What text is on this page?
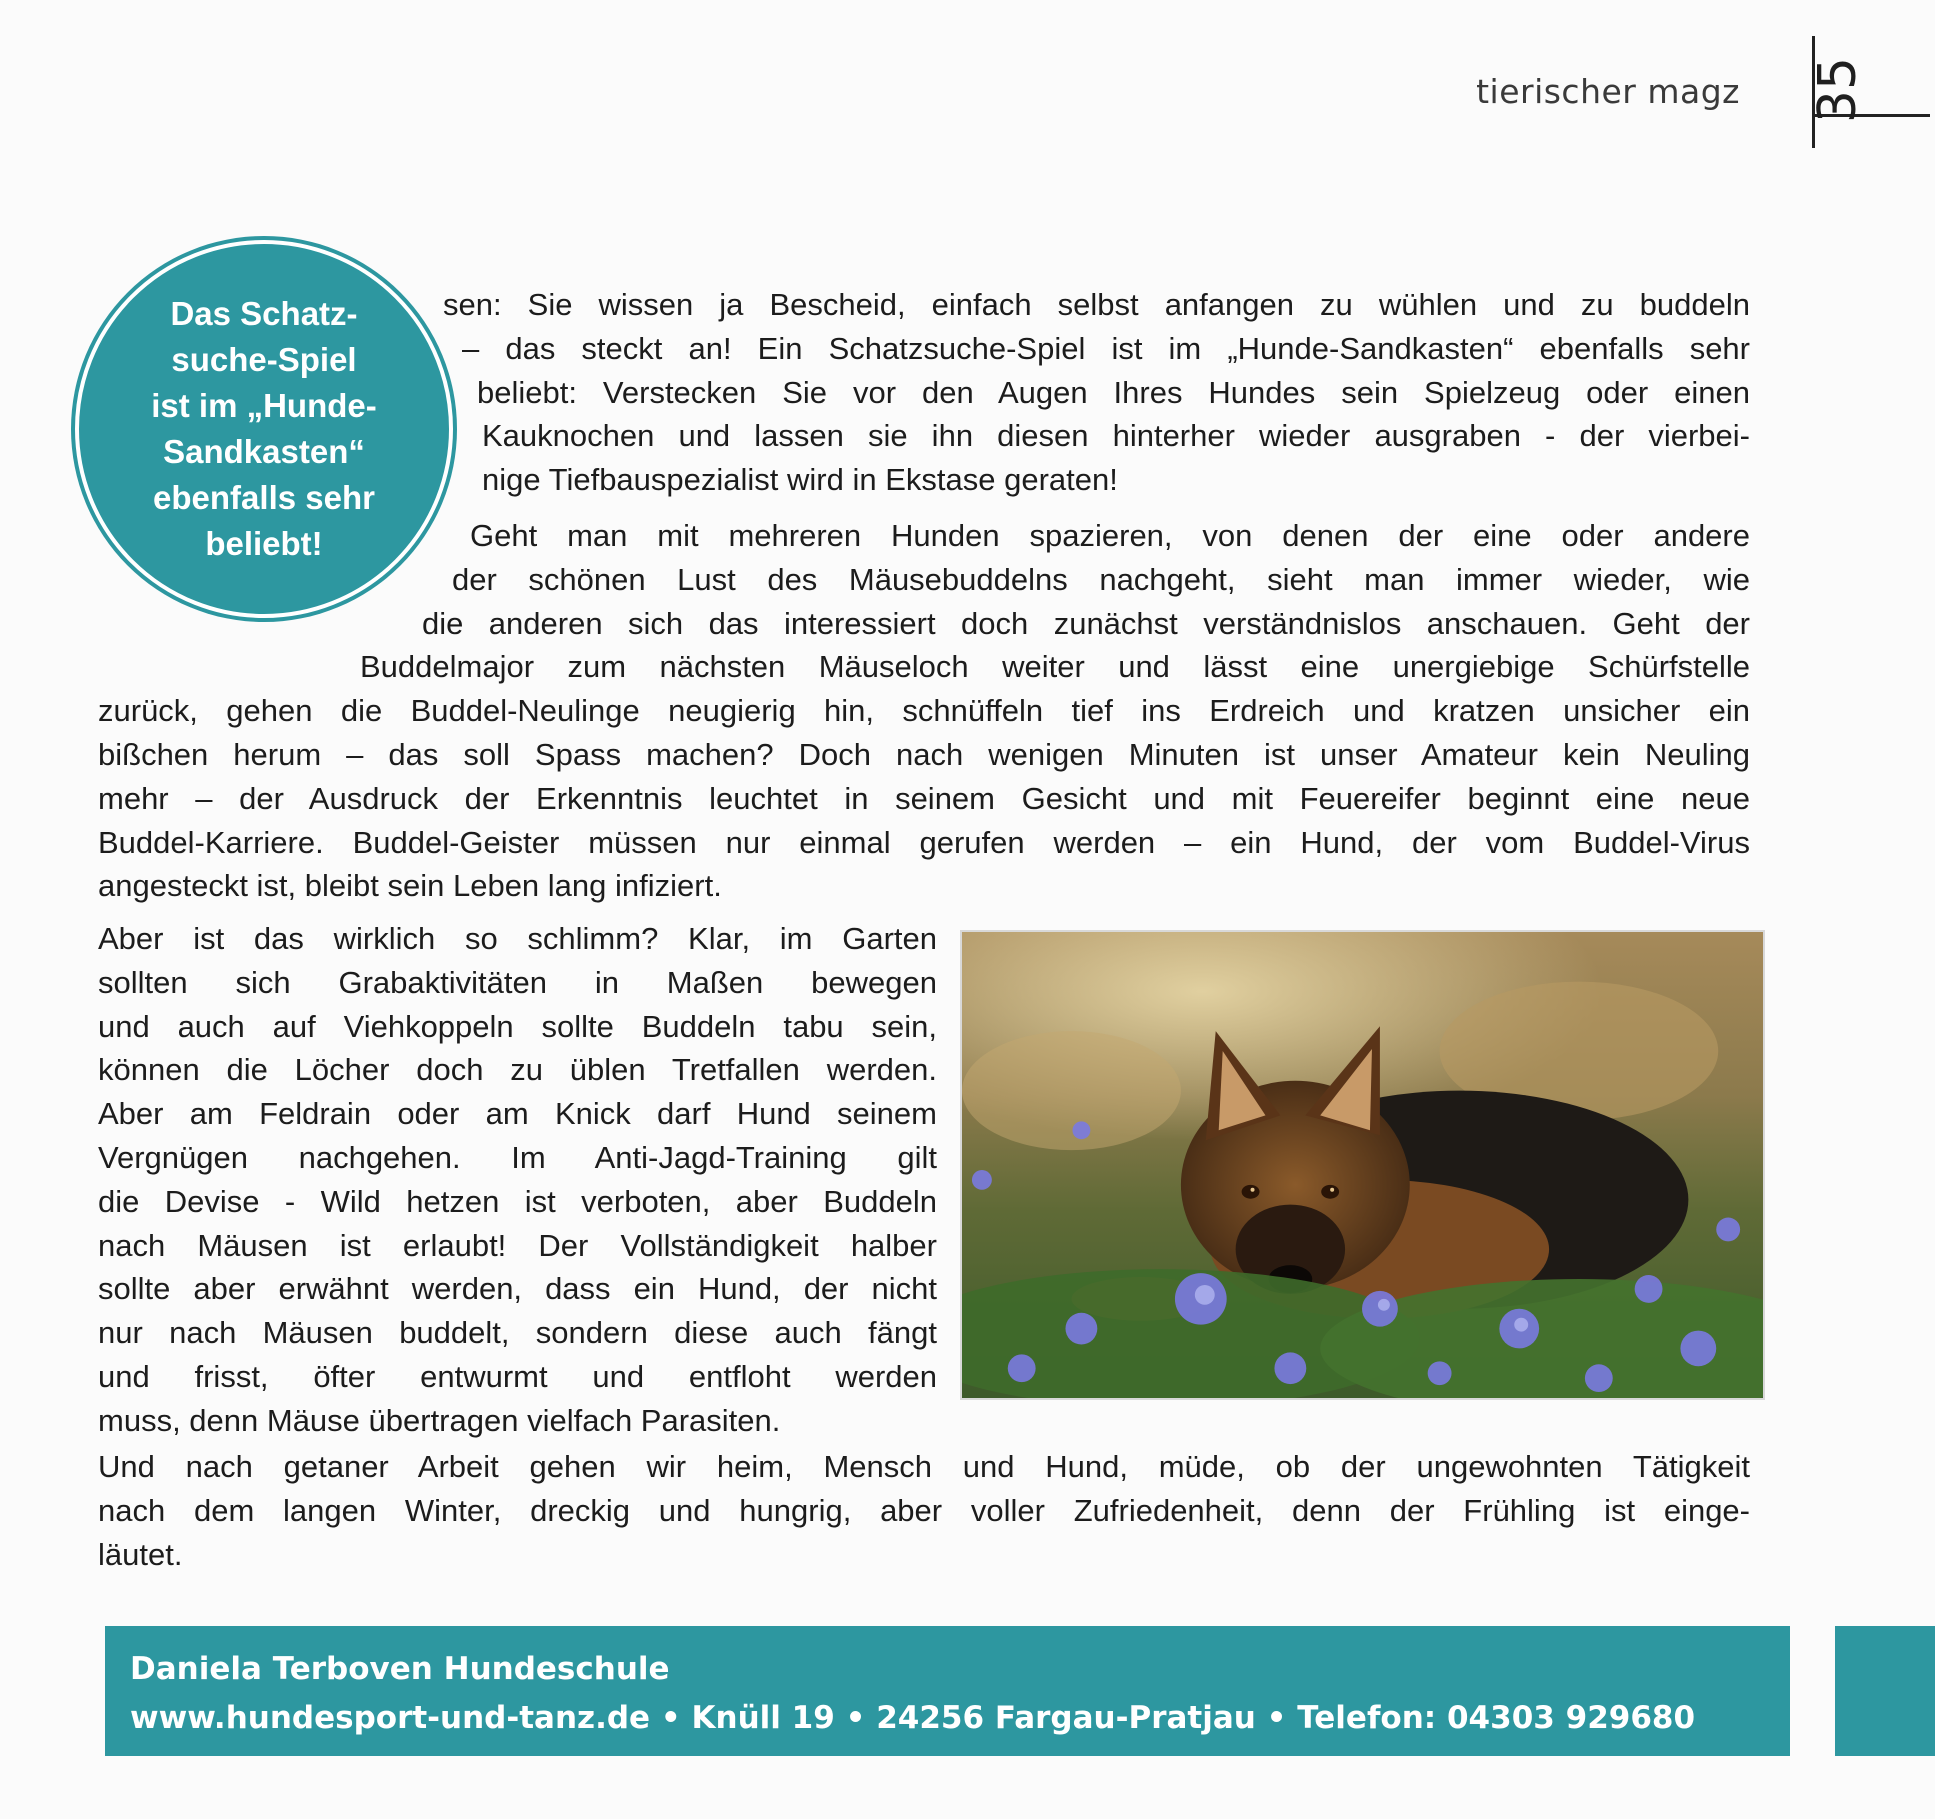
tierischer magz 35
Das Schatz-
suche-Spiel
ist im „Hunde-
Sandkasten“
ebenfalls sehr
beliebt!
sen: Sie wissen ja Bescheid, einfach selbst anfangen zu wühlen und zu buddeln
– das steckt an! Ein Schatzsuche-Spiel ist im „Hunde-Sandkasten“ ebenfalls sehr
beliebt: Verstecken Sie vor den Augen Ihres Hundes sein Spielzeug oder einen
Kauknochen und lassen sie ihn diesen hinterher wieder ausgraben - der vierbei-
nige Tiefbauspezialist wird in Ekstase geraten!
Geht man mit mehreren Hunden spazieren, von denen der eine oder andere
der schönen Lust des Mäusebuddelns nachgeht, sieht man immer wieder, wie
die anderen sich das interessiert doch zunächst verständnislos anschauen. Geht der
Buddelmajor zum nächsten Mäuseloch weiter und lässt eine unergiebige Schürfstelle
zurück, gehen die Buddel-Neulinge neugierig hin, schnüffeln tief ins Erdreich und kratzen unsicher ein
bißchen herum – das soll Spass machen? Doch nach wenigen Minuten ist unser Amateur kein Neuling
mehr – der Ausdruck der Erkenntnis leuchtet in seinem Gesicht und mit Feuereifer beginnt eine neue
Buddel-Karriere. Buddel-Geister müssen nur einmal gerufen werden – ein Hund, der vom Buddel-Virus
angesteckt ist, bleibt sein Leben lang infiziert.
Aber ist das wirklich so schlimm? Klar, im Garten
sollten sich Grabaktivitäten in Maßen bewegen
und auch auf Viehkoppeln sollte Buddeln tabu sein,
können die Löcher doch zu üblen Tretfallen werden.
Aber am Feldrain oder am Knick darf Hund seinem
Vergnügen nachgehen. Im Anti-Jagd-Training gilt
die Devise - Wild hetzen ist verboten, aber Buddeln
nach Mäusen ist erlaubt! Der Vollständigkeit halber
sollte aber erwähnt werden, dass ein Hund, der nicht
nur nach Mäusen buddelt, sondern diese auch fängt
und frisst, öfter entwurmt und entfloht werden
muss, denn Mäuse übertragen vielfach Parasiten.
Und nach getaner Arbeit gehen wir heim, Mensch und Hund, müde, ob der ungewohnten Tätigkeit
nach dem langen Winter, dreckig und hungrig, aber voller Zufriedenheit, denn der Frühling ist einge-
läutet.
Daniela Terboven Hundeschule
www.hundesport-und-tanz.de • Knüll 19 • 24256 Fargau-Pratjau • Telefon: 04303 929680
